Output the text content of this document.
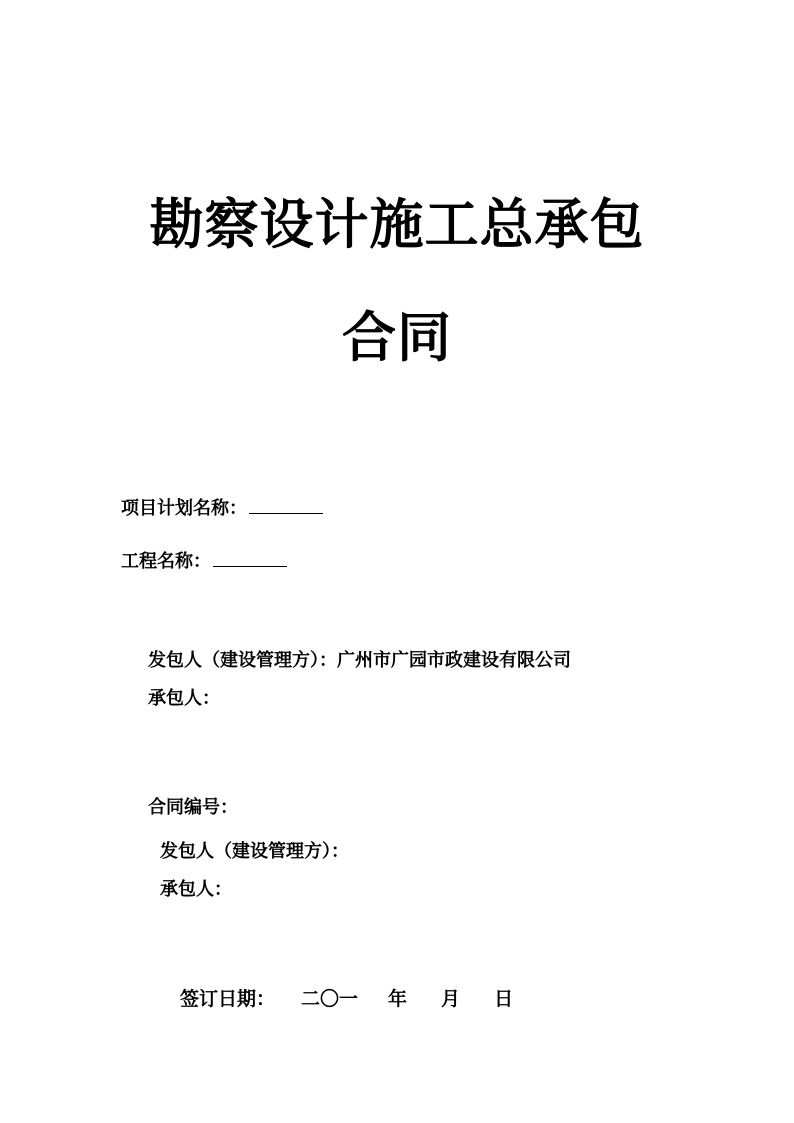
勘察设计施工总承包
合同
项目计划名称：
工程名称：
发包人（建设管理方）：广州市广园市政建设有限公司
承包人：
合同编号：
发包人（建设管理方）：
承包人：
签订日期： 二〇一 年 月 日
